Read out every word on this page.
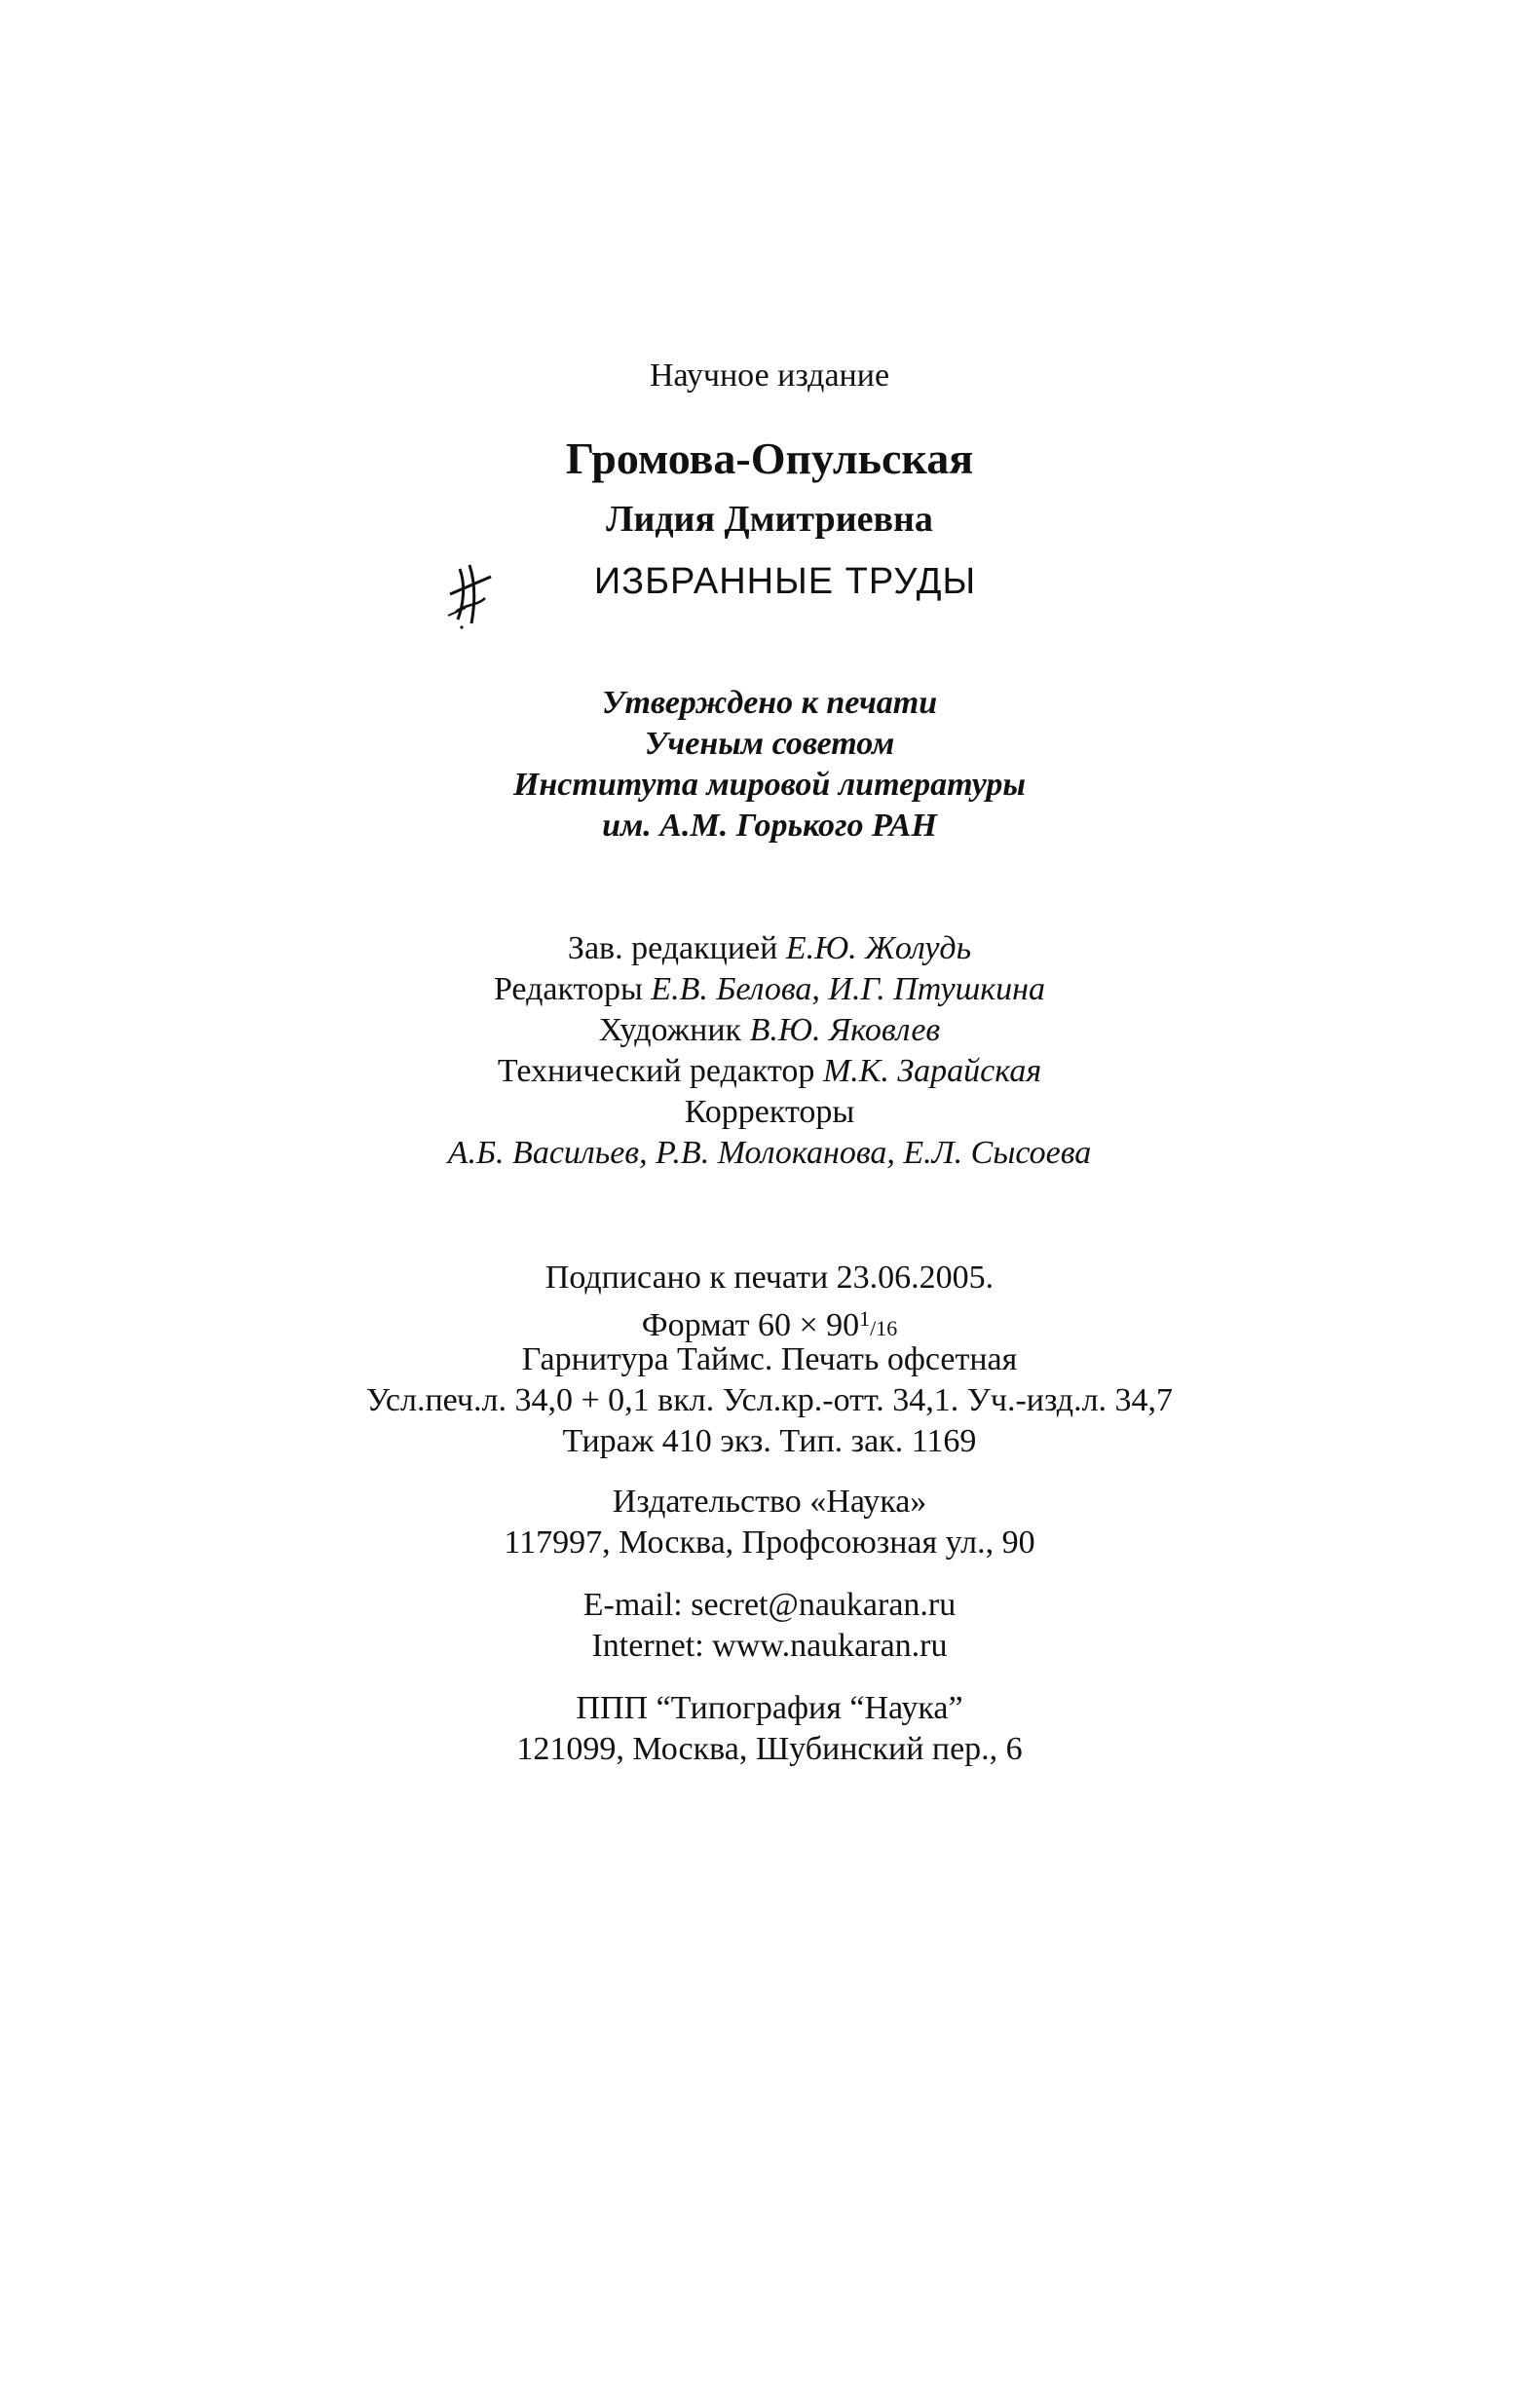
Научное издание
Громова-Опульская
Лидия Дмитриевна
ИЗБРАННЫЕ ТРУДЫ
Утверждено к печати
Ученым советом
Института мировой литературы
им. А.М. Горького РАН
Зав. редакцией Е.Ю. Жолудь
Редакторы Е.В. Белова, И.Г. Птушкина
Художник В.Ю. Яковлев
Технический редактор М.К. Зарайская
Корректоры
А.Б. Васильев, Р.В. Молоканова, Е.Л. Сысоева
Подписано к печати 23.06.2005.
Формат $60 \times 90^1/16$
Гарнитура Таймс. Печать офсетная
Усл.печ.л. 34,0 + 0,1 вкл. Усл.кр.-отт. 34,1. Уч.-изд.л. 34,7
Тираж 410 экз. Тип. зак. 1169
Издательство «Наука»
117997, Москва, Профсоюзная ул., 90
E-mail: secret@naukaran.ru
Internet: www.naukaran.ru
ППП “Типография “Наука”
121099, Москва, Шубинский пер., 6
